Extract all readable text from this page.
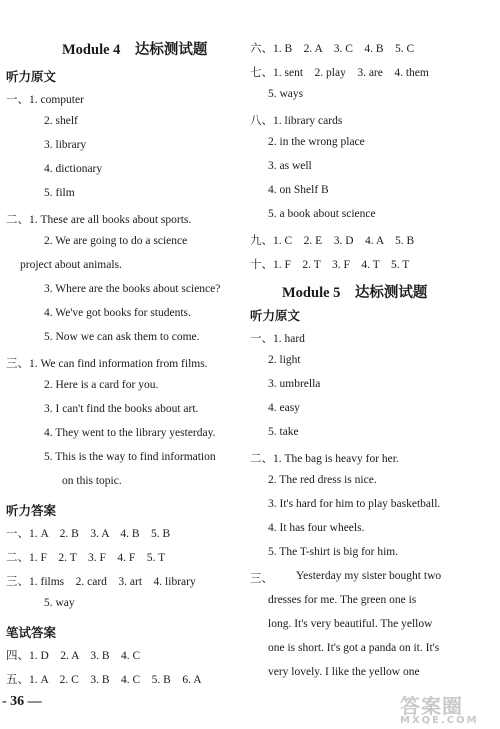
Module 4　达标测试题
听力原文
一、1. computer
2. shelf
3. library
4. dictionary
5. film
二、1. These are all books about sports.
2. We are going to do a science
project about animals.
3. Where are the books about science?
4. We've got books for students.
5. Now we can ask them to come.
三、1. We can find information from films.
2. Here is a card for you.
3. I can't find the books about art.
4. They went to the library yesterday.
5. This is the way to find information
on this topic.
听力答案
一、1. A　2. B　3. A　4. B　5. B
二、1. F　2. T　3. F　4. F　5. T
三、1. films　2. card　3. art　4. library
5. way
笔试答案
四、1. D　2. A　3. B　4. C
五、1. A　2. C　3. B　4. C　5. B　6. A
六、1. B　2. A　3. C　4. B　5. C
七、1. sent　2. play　3. are　4. them
5. ways
八、1. library cards
2. in the wrong place
3. as well
4. on Shelf B
5. a book about science
九、1. C　2. E　3. D　4. A　5. B
十、1. F　2. T　3. F　4. T　5. T
Module 5　达标测试题
听力原文
一、1. hard
2. light
3. umbrella
4. easy
5. take
二、1. The bag is heavy for her.
2. The red dress is nice.
3. It's hard for him to play basketball.
4. It has four wheels.
5. The T-shirt is big for him.
三、 Yesterday my sister bought two
dresses for me. The green one is
long. It's very beautiful. The yellow
one is short. It's got a panda on it. It's
very lovely. I like the yellow one
- 36 —	答案圈
MXQE.COM
